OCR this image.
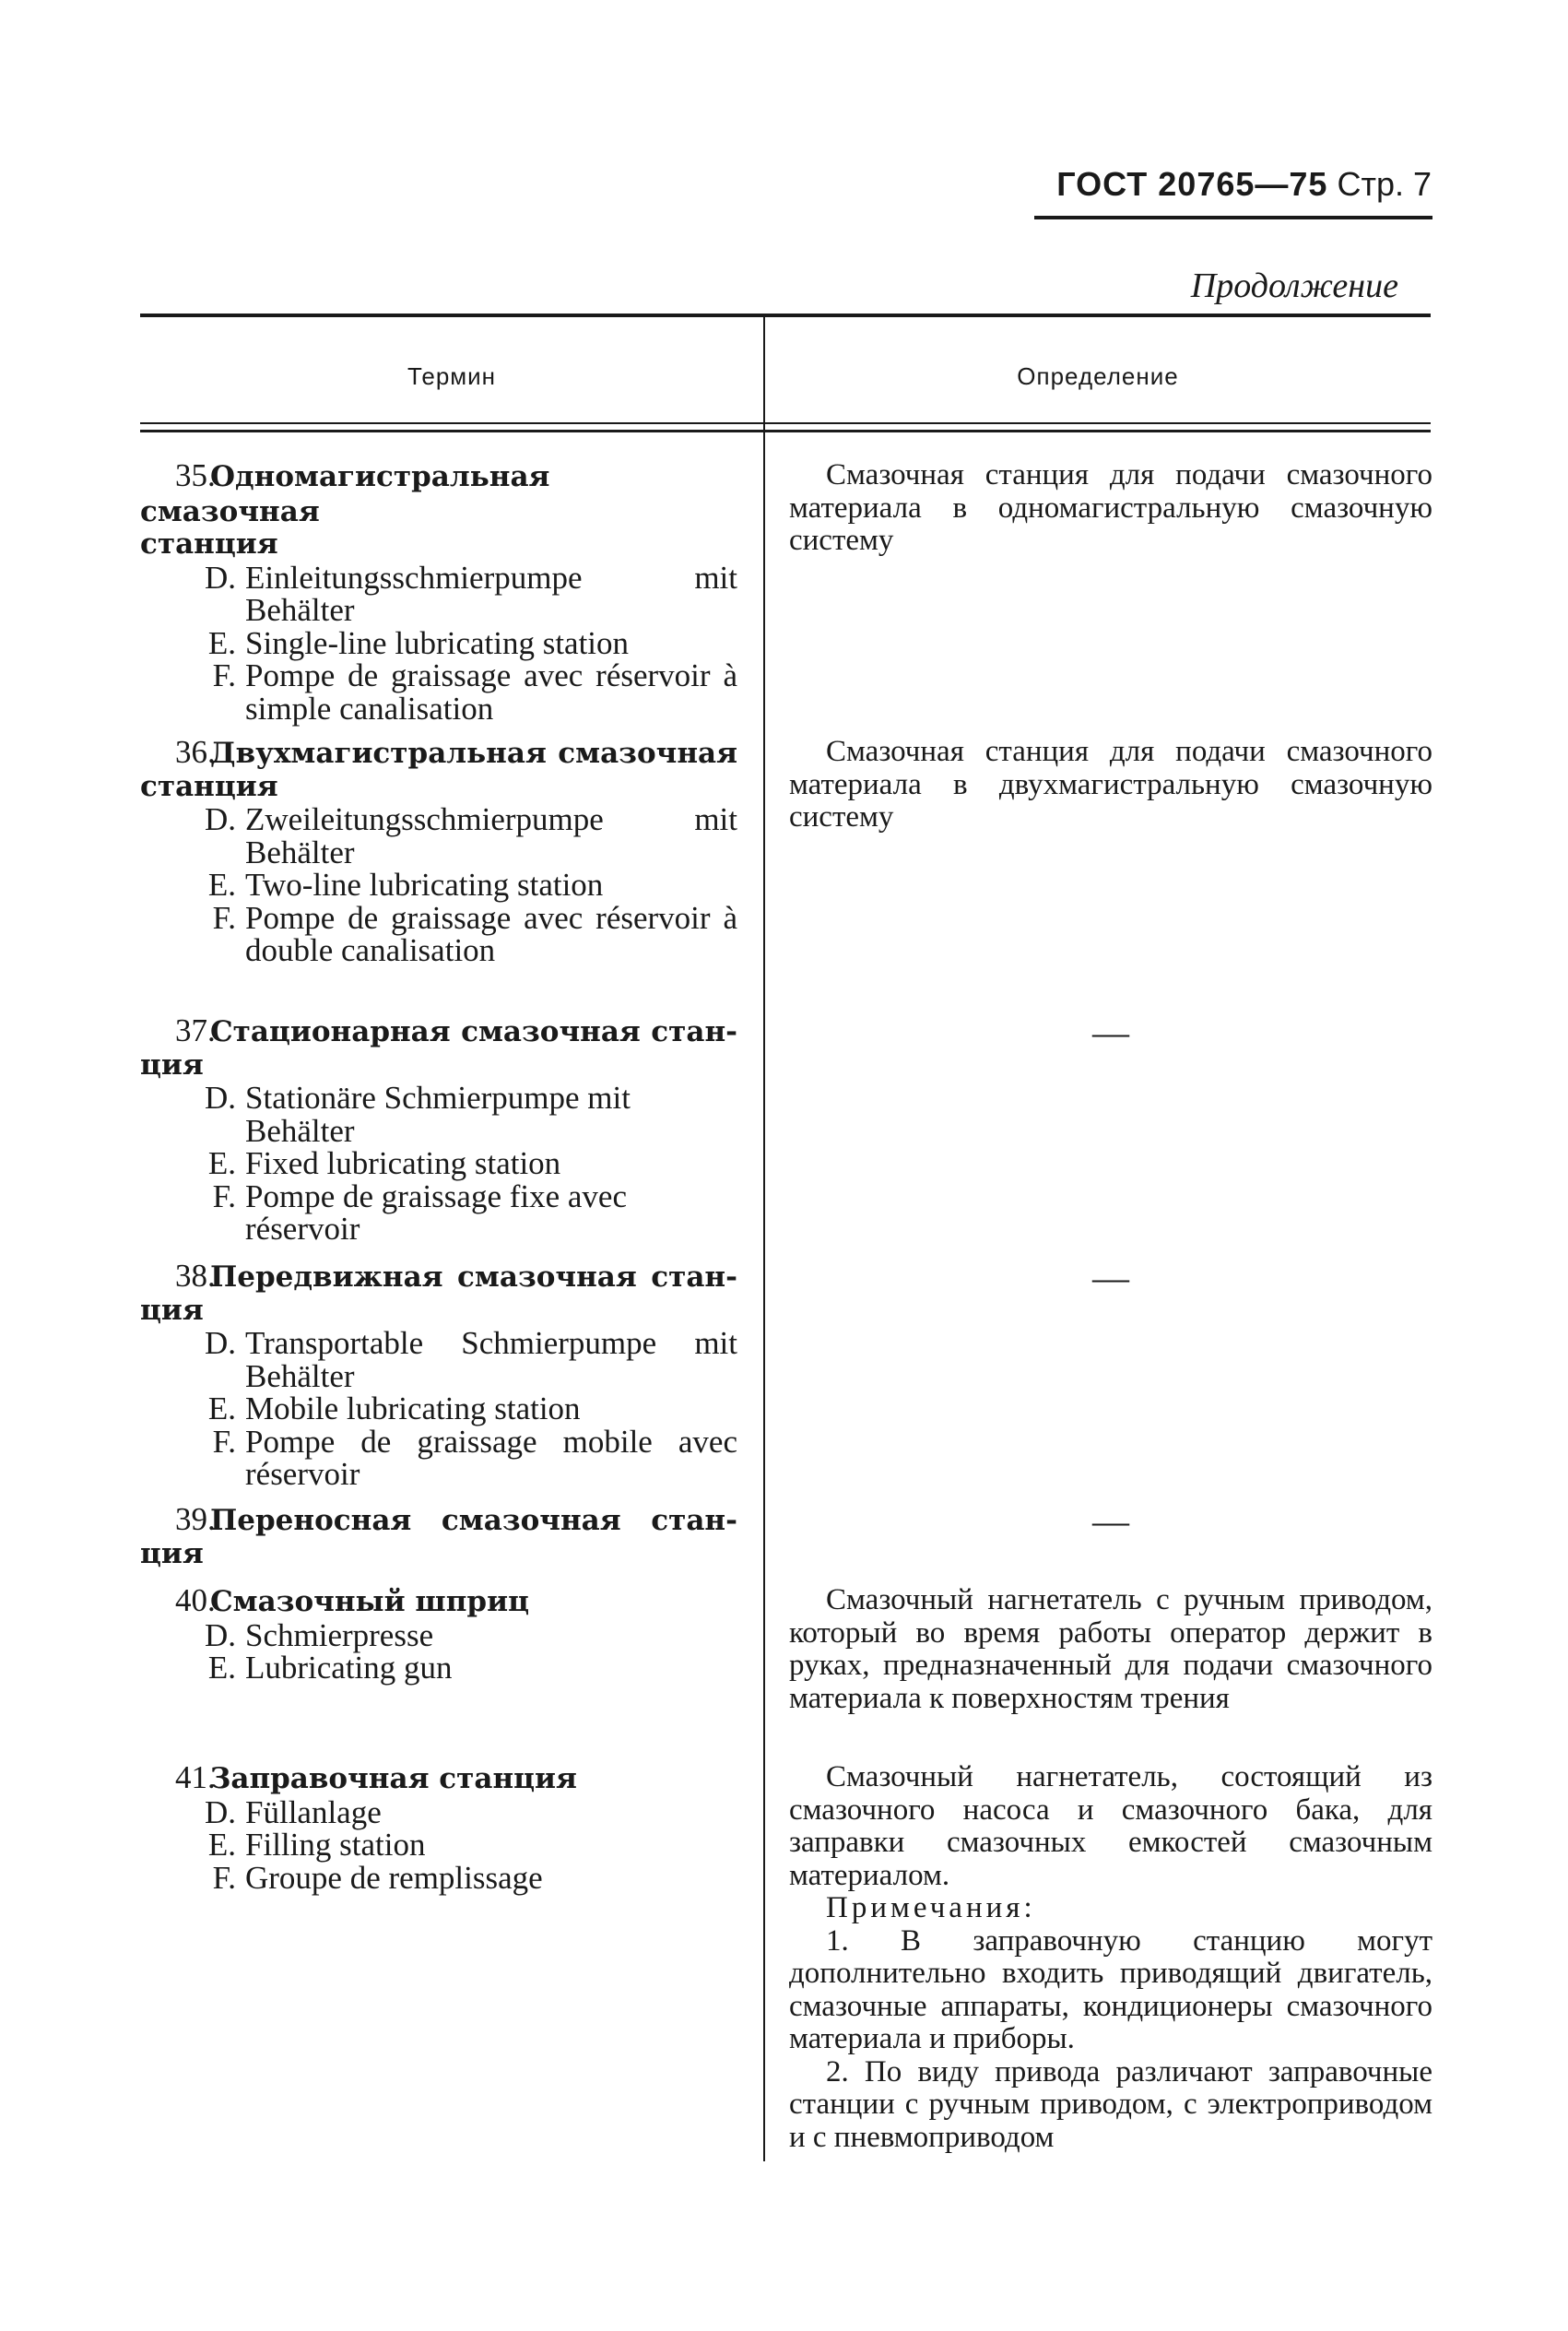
ГОСТ 20765—75 Стр. 7
Продолжение
Термин	Определение
35.Одномагистральная смазочная
станция
D. Einleitungsschmierpumpe mit Behälter
E. Single-line lubricating station
F. Pompe de graissage avec réservoir à simple canalisation

Смазочная станция для подачи смазочного материала в одномагистральную смазочную систему

36.Двухмагистральная смазочная
станция
D. Zweileitungsschmierpumpe mit Behälter
E. Two-line lubricating station
F. Pompe de graissage avec réservoir à double canalisation

Смазочная станция для подачи смазочного материала в двухмагистральную смазочную систему

37.Стационарная смазочная стан-
ция
D. Stationäre Schmierpumpe mit Behälter
E. Fixed lubricating station
F. Pompe de graissage fixe avec réservoir
—
38.Передвижная смазочная стан-
ция
D. Transportable Schmierpumpe mit Behälter
E. Mobile lubricating station
F. Pompe de graissage mobile avec réservoir
—
39.Переносная смазочная стан-
ция
—
40.Смазочный шприц
D. Schmierpresse
E. Lubricating gun

Смазочный нагнетатель с ручным приводом, который во время работы оператор держит в руках, предназначенный для подачи смазочного материала к поверхностям трения

41.Заправочная станция
D. Füllanlage
E. Filling station
F. Groupe de remplissage

Смазочный нагнетатель, состоящий из смазочного насоса и смазочного бака, для заправки смазочных емкостей смазочным материалом.

Примечания:

1. В заправочную станцию могут дополнительно входить приводящий двигатель, смазочные аппараты, кондиционеры смазочного материала и приборы.

2. По виду привода различают заправочные станции с ручным приводом, с электроприводом и с пневмоприводом
